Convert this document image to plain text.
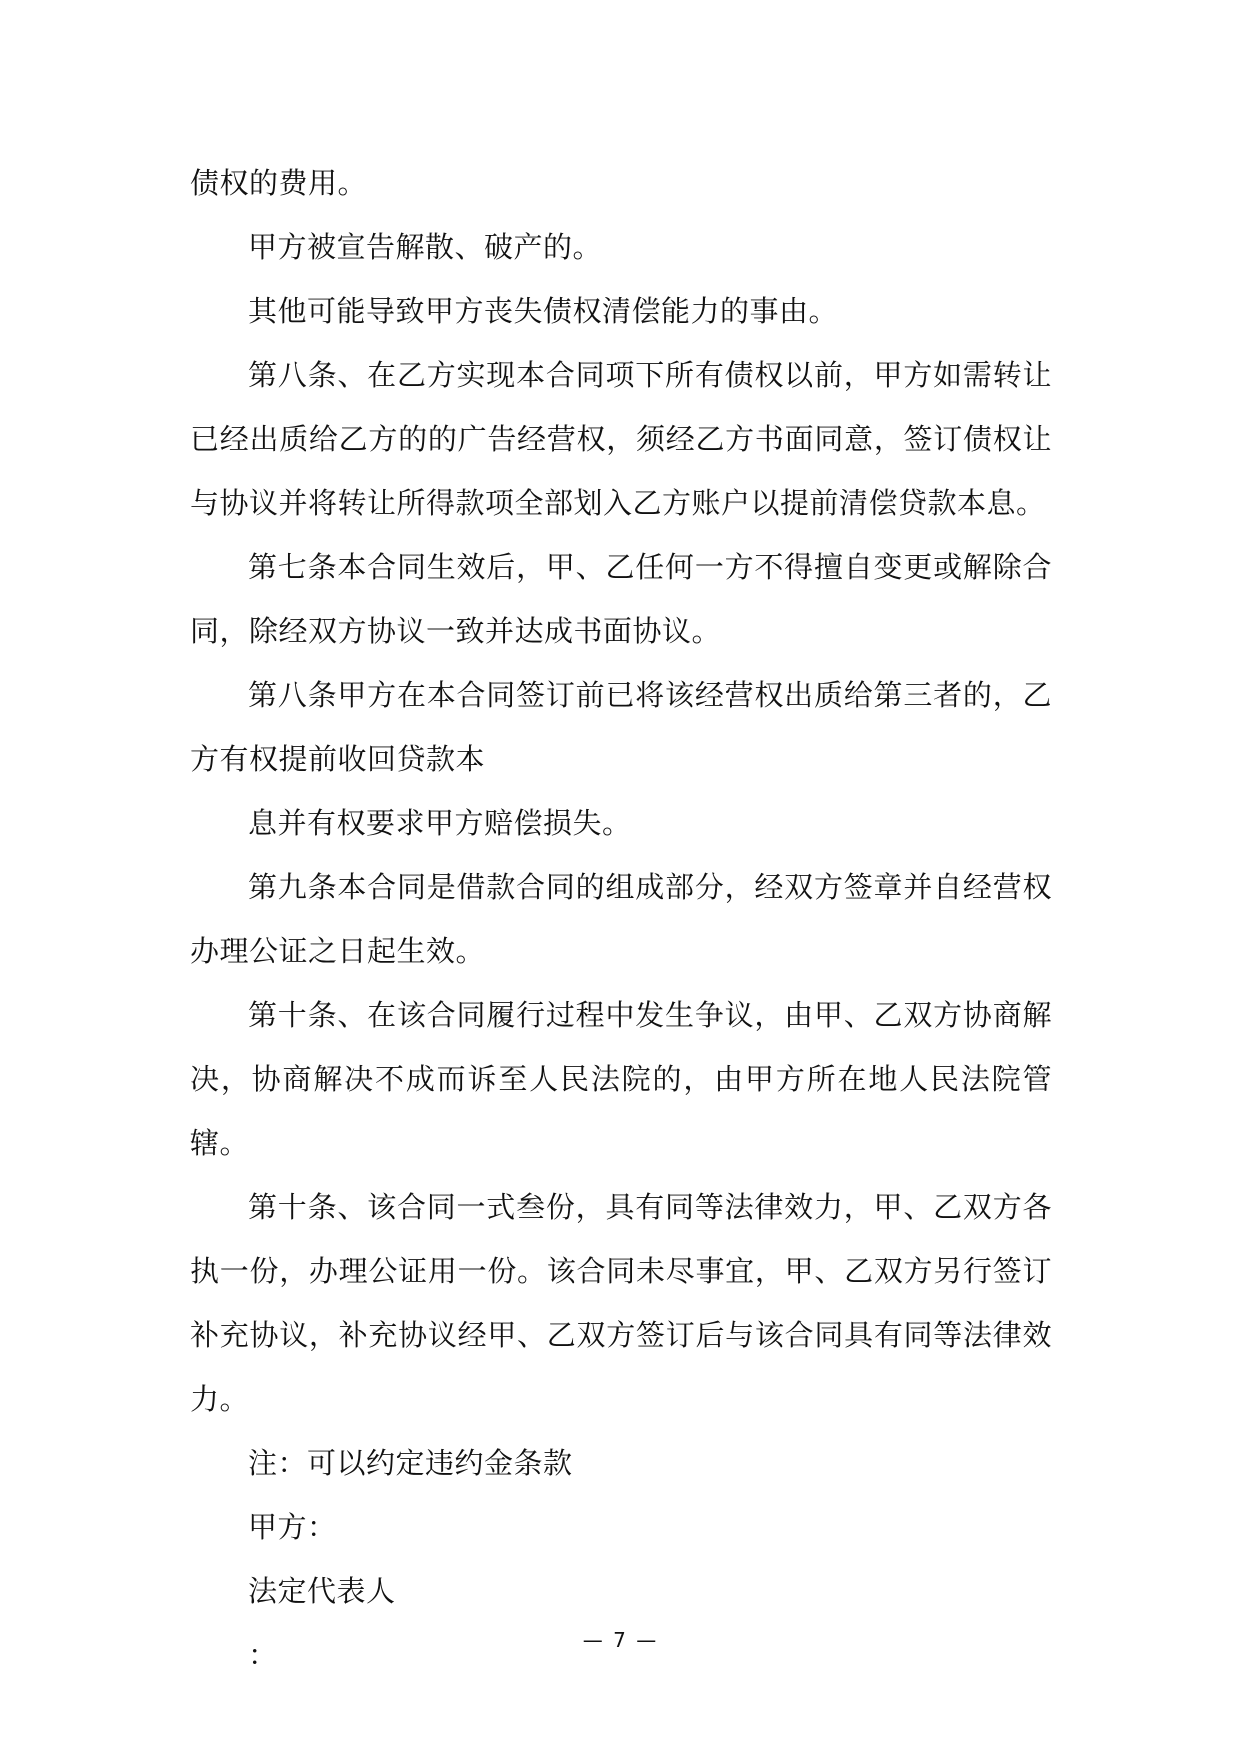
债权的费用。

甲方被宣告解散、破产的。

其他可能导致甲方丧失债权清偿能力的事由。

第八条、在乙方实现本合同项下所有债权以前，甲方如需转让已经出质给乙方的的广告经营权，须经乙方书面同意，签订债权让与协议并将转让所得款项全部划入乙方账户以提前清偿贷款本息。

第七条本合同生效后，甲、乙任何一方不得擅自变更或解除合同，除经双方协议一致并达成书面协议。

第八条甲方在本合同签订前已将该经营权出质给第三者的，乙方有权提前收回贷款本

息并有权要求甲方赔偿损失。

第九条本合同是借款合同的组成部分，经双方签章并自经营权办理公证之日起生效。

第十条、在该合同履行过程中发生争议，由甲、乙双方协商解决，协商解决不成而诉至人民法院的，由甲方所在地人民法院管辖。

第十条、该合同一式叁份，具有同等法律效力，甲、乙双方各执一份，办理公证用一份。该合同未尽事宜，甲、乙双方另行签订补充协议，补充协议经甲、乙双方签订后与该合同具有同等法律效力。

注：可以约定违约金条款

甲方：

法定代表人

：	— 7 —
